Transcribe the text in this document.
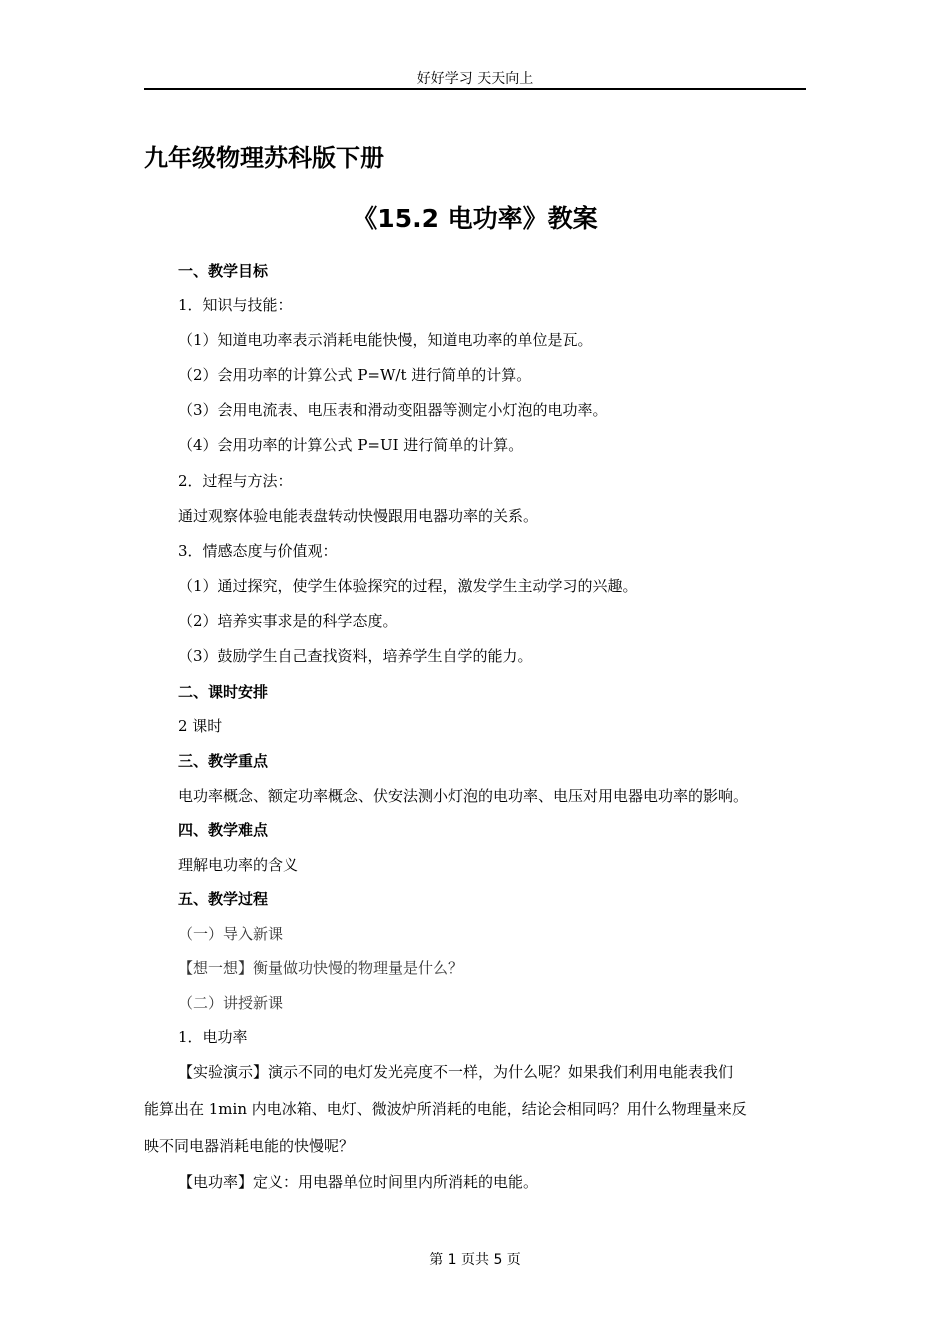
好好学习 天天向上
九年级物理苏科版下册
《15.2 电功率》教案
一、教学目标
1．知识与技能：
（1）知道电功率表示消耗电能快慢，知道电功率的单位是瓦。
（2）会用功率的计算公式 P=W/t 进行简单的计算。
（3）会用电流表、电压表和滑动变阻器等测定小灯泡的电功率。
（4）会用功率的计算公式 P=UI 进行简单的计算。
2．过程与方法：
通过观察体验电能表盘转动快慢跟用电器功率的关系。
3．情感态度与价值观：
（1）通过探究，使学生体验探究的过程，激发学生主动学习的兴趣。
（2）培养实事求是的科学态度。
（3）鼓励学生自己查找资料，培养学生自学的能力。
二、课时安排
2 课时
三、教学重点
电功率概念、额定功率概念、伏安法测小灯泡的电功率、电压对用电器电功率的影响。
四、教学难点
理解电功率的含义
五、教学过程
（一）导入新课
【想一想】衡量做功快慢的物理量是什么？
（二）讲授新课
1．电功率
【实验演示】演示不同的电灯发光亮度不一样，为什么呢？如果我们利用电能表我们
能算出在 1min 内电冰箱、电灯、微波炉所消耗的电能，结论会相同吗？用什么物理量来反
映不同电器消耗电能的快慢呢？
【电功率】定义：用电器单位时间里内所消耗的电能。
第 1 页共 5 页
